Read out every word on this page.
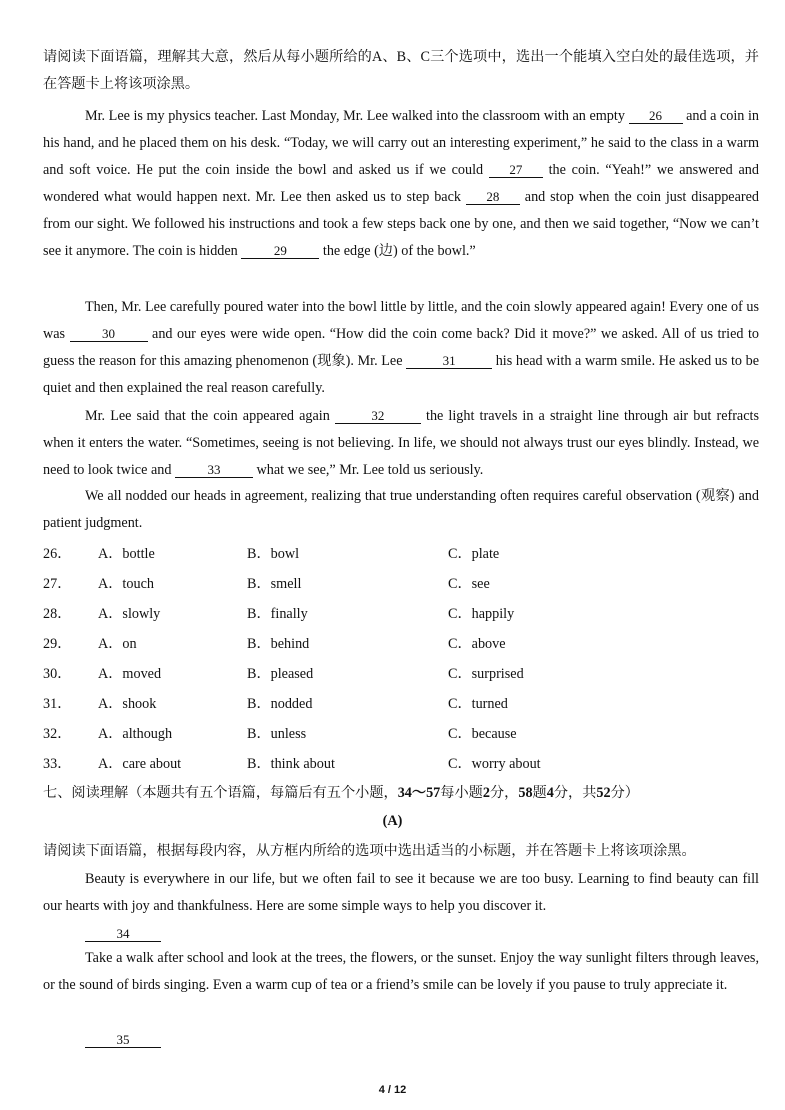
请阅读下面语篇，理解其大意，然后从每小题所给的A、B、C三个选项中，选出一个能填入空白处的最佳选项，并在答题卡上将该项涂黑。

Mr. Lee is my physics teacher. Last Monday, Mr. Lee walked into the classroom with an empty 26 and a coin in his hand, and he placed them on his desk. “Today, we will carry out an interesting experiment,” he said to the class in a warm and soft voice. He put the coin inside the bowl and asked us if we could 27 the coin. “Yeah!” we answered and wondered what would happen next. Mr. Lee then asked us to step back 28 and stop when the coin just disappeared from our sight. We followed his instructions and took a few steps back one by one, and then we said together, “Now we can’t see it anymore. The coin is hidden	29 the edge (边) of the bowl.”

Then, Mr. Lee carefully poured water into the bowl little by little, and the coin slowly appeared again! Every one of us was	30 and our eyes were wide open. “How did the coin come back? Did it move?” we asked. All of us tried to guess the reason for this amazing phenomenon (现象). Mr. Lee	31	his head with a warm smile. He asked us to be quiet and then explained the real reason carefully.

Mr. Lee said that the coin appeared again	32	the light travels in a straight line through air but refracts when it enters the water. “Sometimes, seeing is not believing. In life, we should not always trust our eyes blindly. Instead, we need to look twice and	33 what we see,” Mr. Lee told us seriously.

We all nodded our heads in agreement, realizing that true understanding often requires careful observation (观察) and patient judgment.

26． A．bottle	B．bowl	C．plate
27． A．touch	B．smell	C．see
28． A．slowly	B．finally	C．happily
29． A．on	B．behind	C．above
30． A．moved	B．pleased	C．surprised
31． A．shook	B．nodded	C．turned
32． A．although	B．unless	C．because
33． A．care about	B．think about	C．worry about

七、阅读理解（本题共有五个语篇，每篇后有五个小题，34～57每小题2分，58题4分，共52分）

(A)

请阅读下面语篇，根据每段内容，从方框内所给的选项中选出适当的小标题，并在答题卡上将该项涂黑。

Beauty is everywhere in our life, but we often fail to see it because we are too busy. Learning to find beauty can fill our hearts with joy and thankfulness. Here are some simple ways to help you discover it.

34

Take a walk after school and look at the trees, the flowers, or the sunset. Enjoy the way sunlight filters through leaves, or the sound of birds singing. Even a warm cup of tea or a friend’s smile can be lovely if you pause to truly appreciate it.

35
4 / 12
